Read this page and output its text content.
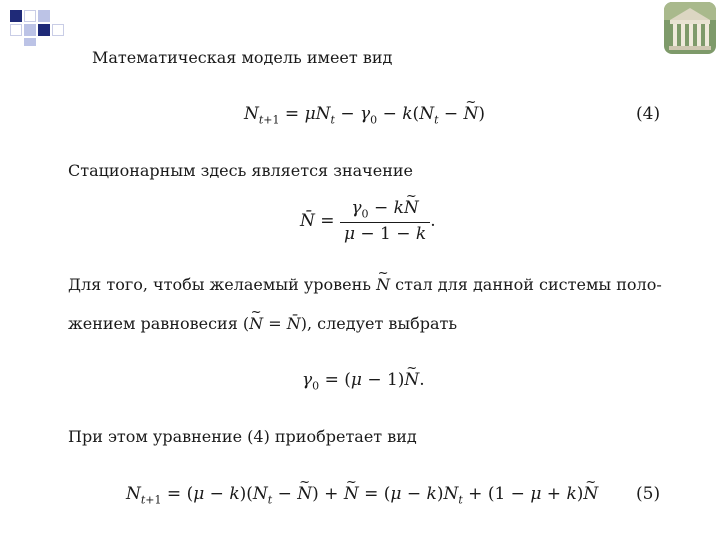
Математическая модель имеет вид
$N_{t+1} = \mu N_t - \gamma_0 - k(N_t - N$ ~)	(4)
Стационарным здесь является значение
N̄ = $\frac{\gamma_0 - kN \sim}{\mu - 1 - k}$ .
Для того, чтобы желаемый уровень N ~ стал для данной системы поло-
жением равновесия (N ~ = N̄), следует выбрать
$\gamma_0 = (\mu - 1)N$ ~.
При этом уравнение (4) приобретает вид
$N_{t+1} = (\mu - k)(N_t - N$ ~) + N ~ = $(\mu - k)N_t + (1 - \mu + k)N$ ~ (5)
